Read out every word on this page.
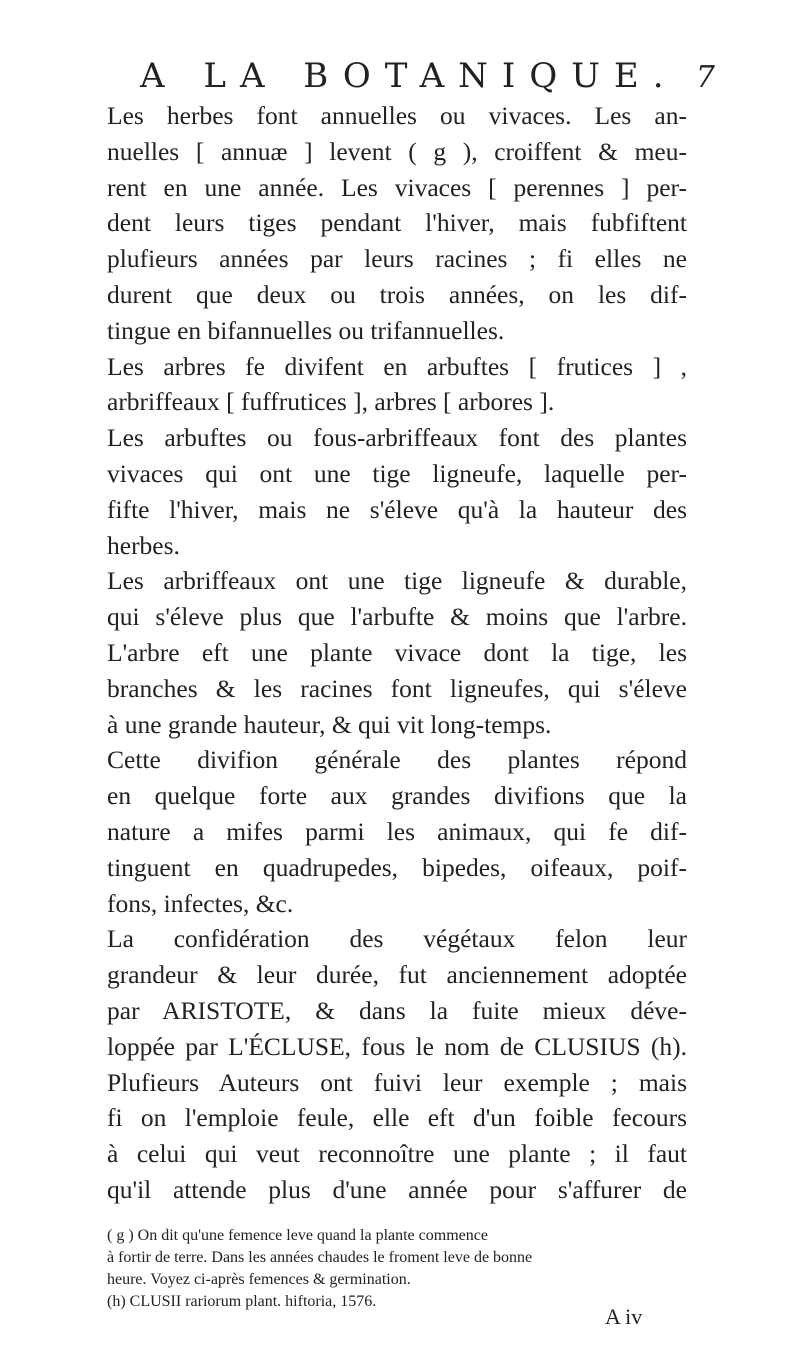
A LA BOTANIQUE. 7
Les herbes font annuelles ou vivaces. Les an-
nuelles [ annuæ ] levent ( g ), croiffent & meu-
rent en une année. Les vivaces [ perennes ] per-
dent leurs tiges pendant l'hiver, mais fubfiftent
plufieurs années par leurs racines ; fi elles ne
durent que deux ou trois années, on les dif-
tingue en bifannuelles ou trifannuelles.
Les arbres fe divifent en arbuftes [ frutices ] ,
arbriffeaux [ fuffrutices ], arbres [ arbores ].
Les arbuftes ou fous-arbriffeaux font des plantes
vivaces qui ont une tige ligneufe, laquelle per-
fifte l'hiver, mais ne s'éleve qu'à la hauteur des
herbes.
Les arbriffeaux ont une tige ligneufe & durable,
qui s'éleve plus que l'arbufte & moins que l'arbre.
L'arbre eft une plante vivace dont la tige, les
branches & les racines font ligneufes, qui s'éleve
à une grande hauteur, & qui vit long-temps.
Cette divifion générale des plantes répond
en quelque forte aux grandes divifions que la
nature a mifes parmi les animaux, qui fe dif-
tinguent en quadrupedes, bipedes, oifeaux, poif-
fons, infectes, &c.
La confidération des végétaux felon leur
grandeur & leur durée, fut anciennement adoptée
par ARISTOTE, & dans la fuite mieux déve-
loppée par L'ÉCLUSE, fous le nom de CLUSIUS (h).
Plufieurs Auteurs ont fuivi leur exemple ; mais
fi on l'emploie feule, elle eft d'un foible fecours
à celui qui veut reconnoître une plante ; il faut
qu'il attende plus d'une année pour s'affurer de
( g ) On dit qu'une femence leve quand la plante commence
à fortir de terre. Dans les années chaudes le froment leve de bonne
heure. Voyez ci-après femences & germination.
(h) CLUSII rariorum plant. hiftoria, 1576.
A iv
